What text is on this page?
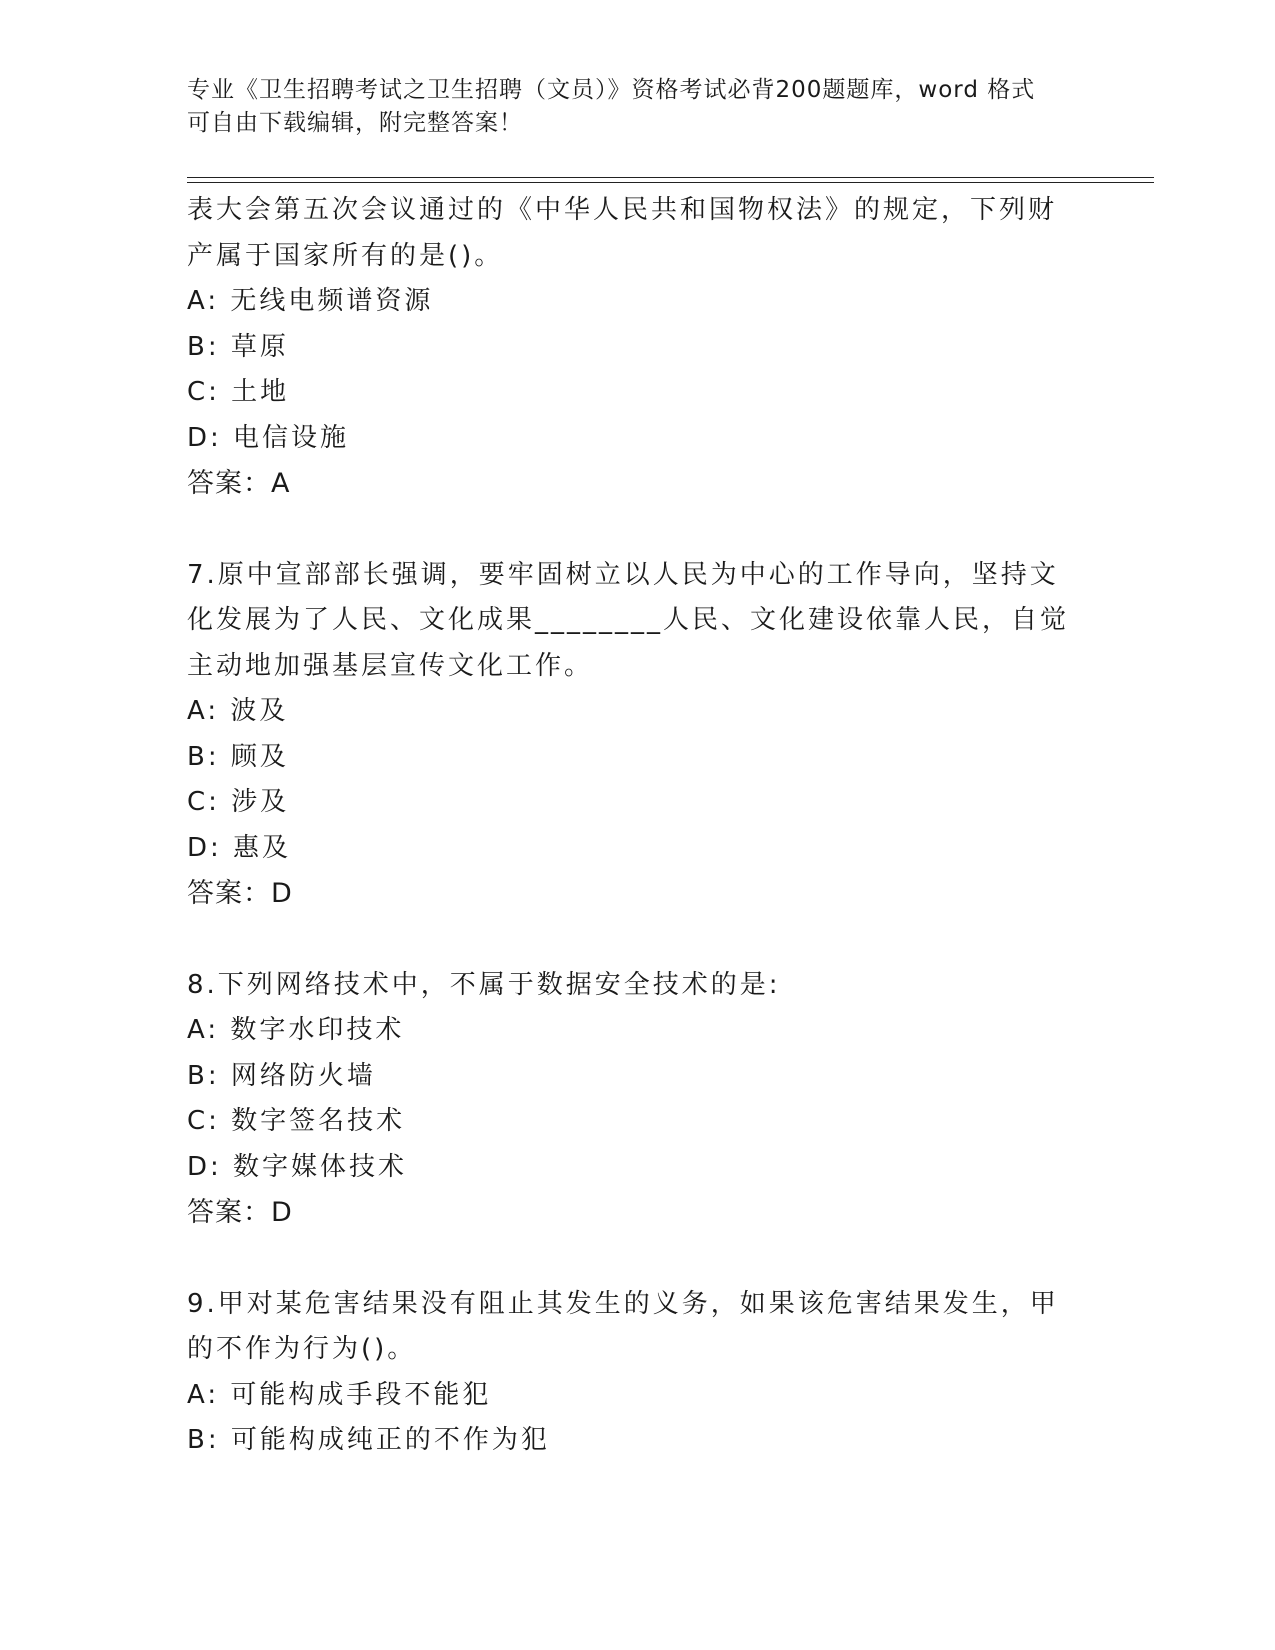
专业《卫生招聘考试之卫生招聘（文员）》资格考试必背200题题库，word 格式
可自由下载编辑，附完整答案！
表大会第五次会议通过的《中华人民共和国物权法》的规定，下列财
产属于国家所有的是()。
A: 无线电频谱资源
B: 草原
C: 土地
D: 电信设施
答案：A
7.原中宣部部长强调，要牢固树立以人民为中心的工作导向，坚持文
化发展为了人民、文化成果________人民、文化建设依靠人民，自觉
主动地加强基层宣传文化工作。
A: 波及
B: 顾及
C: 涉及
D: 惠及
答案：D
8.下列网络技术中，不属于数据安全技术的是:
A: 数字水印技术
B: 网络防火墙
C: 数字签名技术
D: 数字媒体技术
答案：D
9.甲对某危害结果没有阻止其发生的义务，如果该危害结果发生，甲
的不作为行为()。
A: 可能构成手段不能犯
B: 可能构成纯正的不作为犯
